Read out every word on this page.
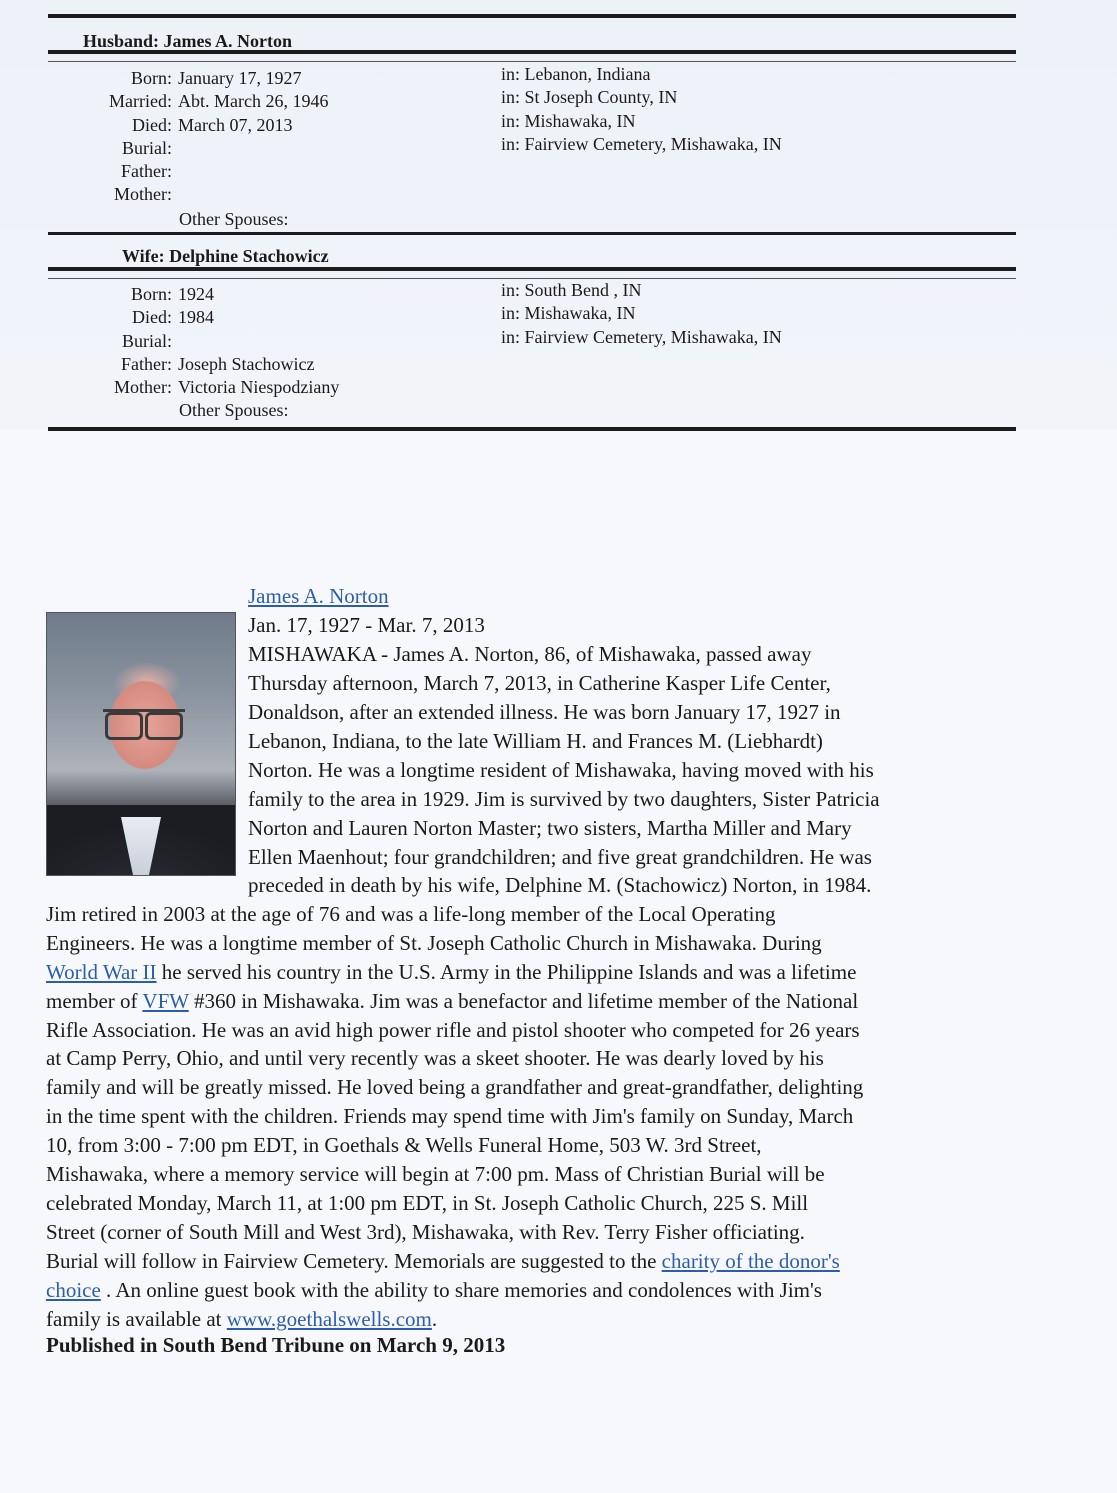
Husband: James A. Norton
Born: January 17, 1927
Married: Abt. March 26, 1946
Died: March 07, 2013
Burial:
Father:
Mother:
in: Lebanon, Indiana
in: St Joseph County, IN
in: Mishawaka, IN
in: Fairview Cemetery, Mishawaka, IN
Other Spouses:
Wife: Delphine Stachowicz
Born: 1924
Died: 1984
Burial:
Father: Joseph Stachowicz
Mother: Victoria Niespodziany
in: South Bend , IN
in: Mishawaka, IN
in: Fairview Cemetery, Mishawaka, IN
Other Spouses:
James A. Norton
Jan. 17, 1927 - Mar. 7, 2013
MISHAWAKA - James A. Norton, 86, of Mishawaka, passed away
Thursday afternoon, March 7, 2013, in Catherine Kasper Life Center,
Donaldson, after an extended illness. He was born January 17, 1927 in
Lebanon, Indiana, to the late William H. and Frances M. (Liebhardt)
Norton. He was a longtime resident of Mishawaka, having moved with his
family to the area in 1929. Jim is survived by two daughters, Sister Patricia
Norton and Lauren Norton Master; two sisters, Martha Miller and Mary
Ellen Maenhout; four grandchildren; and five great grandchildren. He was
preceded in death by his wife, Delphine M. (Stachowicz) Norton, in 1984.
Jim retired in 2003 at the age of 76 and was a life-long member of the Local Operating
Engineers. He was a longtime member of St. Joseph Catholic Church in Mishawaka. During
World War II he served his country in the U.S. Army in the Philippine Islands and was a lifetime
member of VFW #360 in Mishawaka. Jim was a benefactor and lifetime member of the National
Rifle Association. He was an avid high power rifle and pistol shooter who competed for 26 years
at Camp Perry, Ohio, and until very recently was a skeet shooter. He was dearly loved by his
family and will be greatly missed. He loved being a grandfather and great-grandfather, delighting
in the time spent with the children. Friends may spend time with Jim's family on Sunday, March
10, from 3:00 - 7:00 pm EDT, in Goethals & Wells Funeral Home, 503 W. 3rd Street,
Mishawaka, where a memory service will begin at 7:00 pm. Mass of Christian Burial will be
celebrated Monday, March 11, at 1:00 pm EDT, in St. Joseph Catholic Church, 225 S. Mill
Street (corner of South Mill and West 3rd), Mishawaka, with Rev. Terry Fisher officiating.
Burial will follow in Fairview Cemetery. Memorials are suggested to the charity of the donor's
choice . An online guest book with the ability to share memories and condolences with Jim's
family is available at www.goethalswells.com.
Published in South Bend Tribune on March 9, 2013
